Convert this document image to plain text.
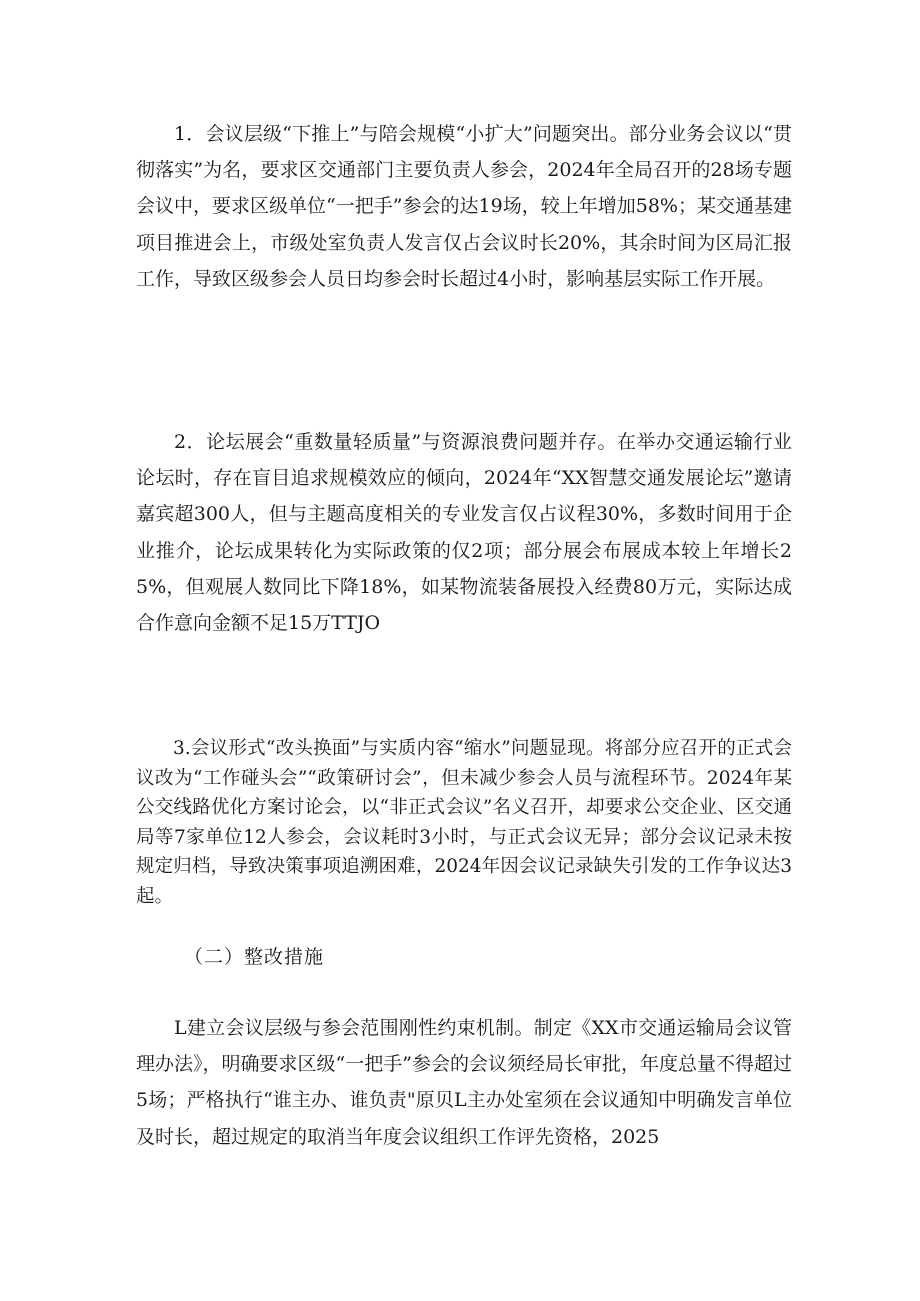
1．会议层级“下推上”与陪会规模“小扩大”问题突出。部分业务会议以“贯彻落实”为名，要求区交通部门主要负责人参会，2024年全局召开的28场专题会议中，要求区级单位“一把手”参会的达19场，较上年增加58%；某交通基建项目推进会上，市级处室负责人发言仅占会议时长20%，其余时间为区局汇报工作，导致区级参会人员日均参会时长超过4小时，影响基层实际工作开展。

2．论坛展会“重数量轻质量”与资源浪费问题并存。在举办交通运输行业论坛时，存在盲目追求规模效应的倾向，2024年“XX智慧交通发展论坛”邀请嘉宾超300人，但与主题高度相关的专业发言仅占议程30%，多数时间用于企业推介，论坛成果转化为实际政策的仅2项；部分展会布展成本较上年增长25%，但观展人数同比下降18%，如某物流装备展投入经费80万元，实际达成合作意向金额不足15万TTJO

3.会议形式“改头换面”与实质内容“缩水”问题显现。将部分应召开的正式会议改为“工作碰头会”“政策研讨会”，但未减少参会人员与流程环节。2024年某公交线路优化方案讨论会，以“非正式会议”名义召开，却要求公交企业、区交通局等7家单位12人参会，会议耗时3小时，与正式会议无异；部分会议记录未按规定归档，导致决策事项追溯困难，2024年因会议记录缺失引发的工作争议达3起。

（二）整改措施

L建立会议层级与参会范围刚性约束机制。制定《XX市交通运输局会议管理办法》，明确要求区级“一把手”参会的会议须经局长审批，年度总量不得超过5场；严格执行“谁主办、谁负责"原贝L主办处室须在会议通知中明确发言单位及时长，超过规定的取消当年度会议组织工作评先资格，2025
